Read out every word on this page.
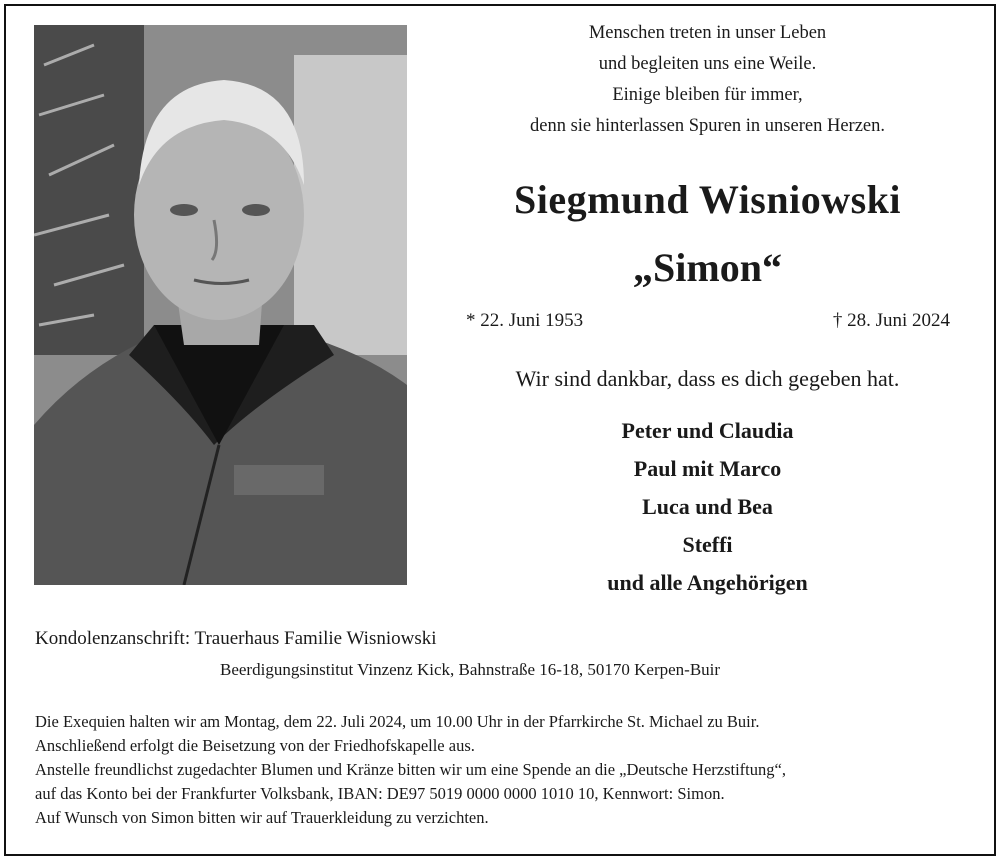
Menschen treten in unser Leben
und begleiten uns eine Weile.
Einige bleiben für immer,
denn sie hinterlassen Spuren in unseren Herzen.
Siegmund Wisniowski
„Simon“
* 22. Juni 1953	† 28. Juni 2024
Wir sind dankbar, dass es dich gegeben hat.
Peter und Claudia
Paul mit Marco
Luca und Bea
Steffi
und alle Angehörigen
Kondolenzanschrift: Trauerhaus Familie Wisniowski
Beerdigungsinstitut Vinzenz Kick, Bahnstraße 16-18, 50170 Kerpen-Buir

Die Exequien halten wir am Montag, dem 22. Juli 2024, um 10.00 Uhr in der Pfarrkirche St. Michael zu Buir.

Anschließend erfolgt die Beisetzung von der Friedhofskapelle aus.

Anstelle freundlichst zugedachter Blumen und Kränze bitten wir um eine Spende an die „Deutsche Herzstiftung“,

auf das Konto bei der Frankfurter Volksbank, IBAN: DE97 5019 0000 0000 1010 10, Kennwort: Simon.

Auf Wunsch von Simon bitten wir auf Trauerkleidung zu verzichten.
